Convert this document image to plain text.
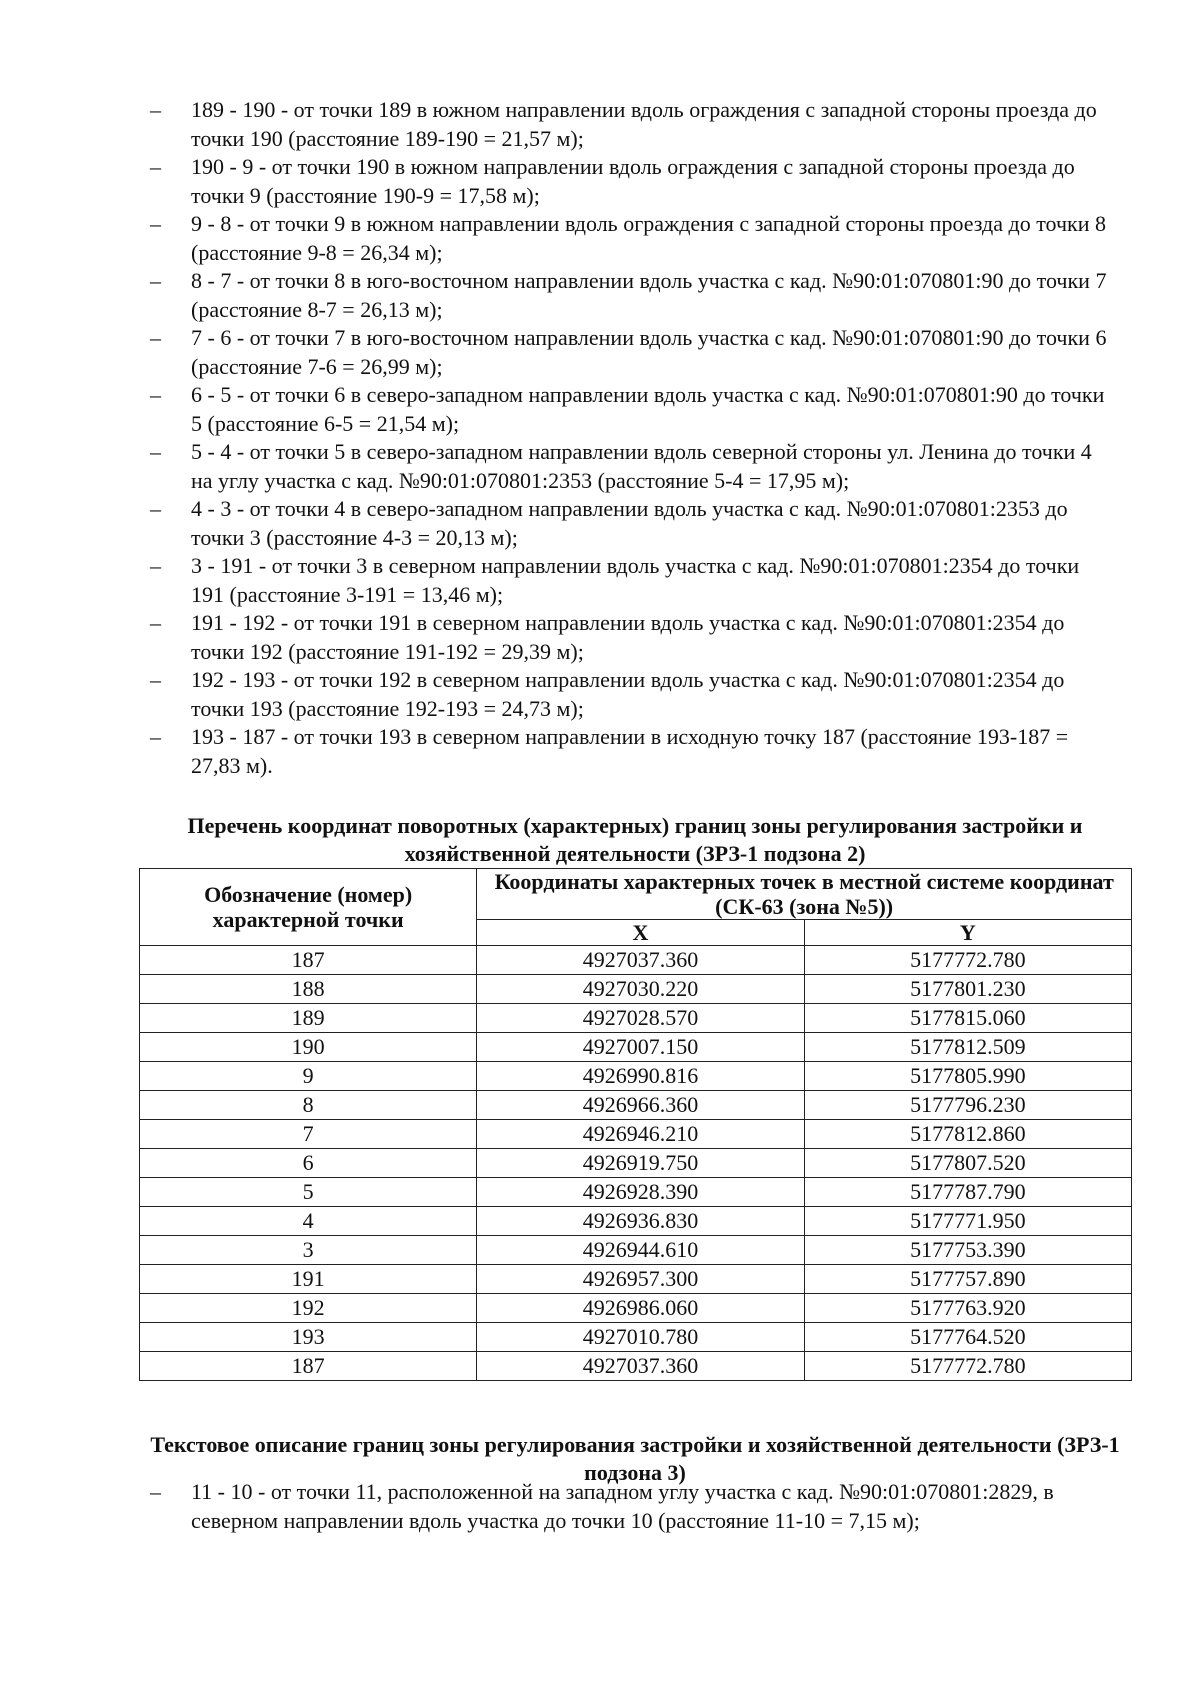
– 189 - 190 - от точки 189 в южном направлении вдоль ограждения с западной стороны проезда до точки 190 (расстояние 189-190 = 21,57 м);
– 190 - 9 - от точки 190 в южном направлении вдоль ограждения с западной стороны проезда до точки 9 (расстояние 190-9 = 17,58 м);
– 9 - 8 - от точки 9 в южном направлении вдоль ограждения с западной стороны проезда до точки 8 (расстояние 9-8 = 26,34 м);
– 8 - 7 - от точки 8 в юго-восточном направлении вдоль участка с кад. №90:01:070801:90 до точки 7 (расстояние 8-7 = 26,13 м);
– 7 - 6 - от точки 7 в юго-восточном направлении вдоль участка с кад. №90:01:070801:90 до точки 6 (расстояние 7-6 = 26,99 м);
– 6 - 5 - от точки 6 в северо-западном направлении вдоль участка с кад. №90:01:070801:90 до точки 5 (расстояние 6-5 = 21,54 м);
– 5 - 4 - от точки 5 в северо-западном направлении вдоль северной стороны ул. Ленина до точки 4 на углу участка с кад. №90:01:070801:2353 (расстояние 5-4 = 17,95 м);
– 4 - 3 - от точки 4 в северо-западном направлении вдоль участка с кад. №90:01:070801:2353 до точки 3 (расстояние 4-3 = 20,13 м);
– 3 - 191 - от точки 3 в северном направлении вдоль участка с кад. №90:01:070801:2354 до точки 191 (расстояние 3-191 = 13,46 м);
– 191 - 192 - от точки 191 в северном направлении вдоль участка с кад. №90:01:070801:2354 до точки 192 (расстояние 191-192 = 29,39 м);
– 192 - 193 - от точки 192 в северном направлении вдоль участка с кад. №90:01:070801:2354 до точки 193 (расстояние 192-193 = 24,73 м);
– 193 - 187 - от точки 193 в северном направлении в исходную точку 187 (расстояние 193-187 = 27,83 м).
Перечень координат поворотных (характерных) границ зоны регулирования застройки и хозяйственной деятельности (ЗРЗ-1 подзона 2)
Обозначение (номер) характерной точки	Координаты характерных точек в местной системе координат (СК-63 (зона №5))	
	X	Y
187	4927037.360	5177772.780
188	4927030.220	5177801.230
189	4927028.570	5177815.060
190	4927007.150	5177812.509
9	4926990.816	5177805.990
8	4926966.360	5177796.230
7	4926946.210	5177812.860
6	4926919.750	5177807.520
5	4926928.390	5177787.790
4	4926936.830	5177771.950
3	4926944.610	5177753.390
191	4926957.300	5177757.890
192	4926986.060	5177763.920
193	4927010.780	5177764.520
187	4927037.360	5177772.780
Текстовое описание границ зоны регулирования застройки и хозяйственной деятельности (ЗРЗ-1 подзона 3)
– 11 - 10 - от точки 11, расположенной на западном углу участка с кад. №90:01:070801:2829, в северном направлении вдоль участка до точки 10 (расстояние 11-10 = 7,15 м);
